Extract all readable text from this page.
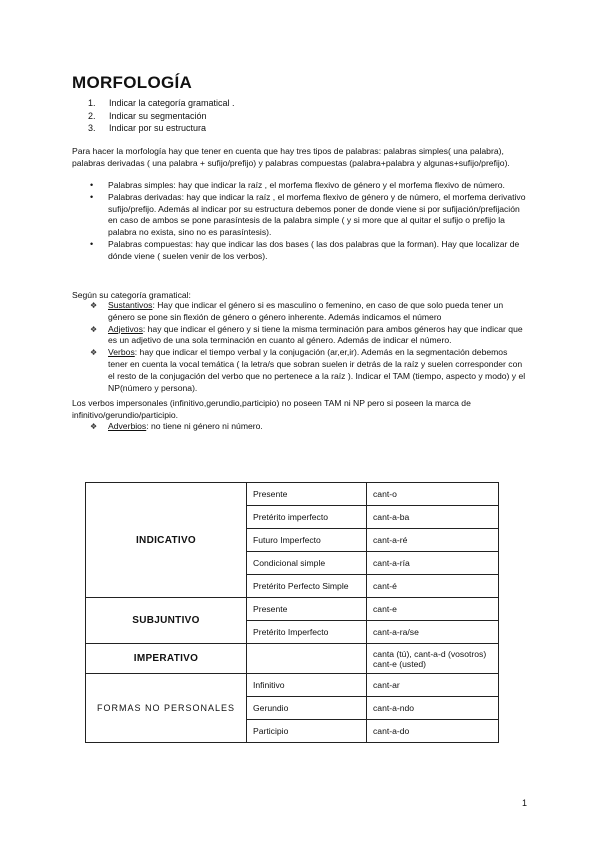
MORFOLOGÍA
1.	Indicar la categoría gramatical .
2.	Indicar su segmentación
3.	Indicar por su estructura
Para hacer la morfología hay que tener en cuenta que hay tres tipos de palabras: palabras simples( una palabra), palabras derivadas ( una palabra + sufijo/prefijo) y palabras compuestas (palabra+palabra y algunas+sufijo/prefijo).
•	Palabras simples: hay que indicar la raíz , el morfema flexivo de género y el morfema flexivo de número.
•	Palabras derivadas: hay que indicar la raíz , el morfema flexivo de género y de número, el morfema derivativo sufijo/prefijo. Además al indicar por su estructura debemos poner de donde viene si por sufijación/prefijación en caso de ambos se pone parasíntesis de la palabra simple ( y si more que al quitar el sufijo o prefijo la palabra no exista, sino no es parasíntesis).
•	Palabras compuestas: hay que indicar las dos bases ( las dos palabras que la forman). Hay que localizar de dónde viene ( suelen venir de los verbos).
Según su categoría gramatical:
❖	Sustantivos: Hay que indicar el género si es masculino o femenino, en caso de que solo pueda tener un género se pone sin flexión de género o género inherente. Además indicamos el número
❖	Adjetivos: hay que indicar el género y si tiene la misma terminación para ambos géneros hay que indicar que es un adjetivo de una sola terminación en cuanto al género. Además de indicar el número.
❖	Verbos: hay que indicar el tiempo verbal y la conjugación (ar,er,ir). Además en la segmentación debemos tener en cuenta la vocal temática ( la letra/s que sobran suelen ir detrás de la raíz y suelen corresponder con el resto de la conjugación del verbo que no pertenece a la raíz ). Indicar el TAM (tiempo, aspecto y modo) y el NP(número y persona).
Los verbos impersonales (infinitivo,gerundio,participio) no poseen TAM ni NP pero si poseen la marca de infinitivo/gerundio/participio.
❖	Adverbios: no tiene ni género ni número.
INDICATIVO	Presente	cant-o
	Pretérito imperfecto	cant-a-ba
	Futuro Imperfecto	cant-a-ré
	Condicional simple	cant-a-ría
	Pretérito Perfecto Simple	cant-é
SUBJUNTIVO	Presente	cant-e
	Pretérito Imperfecto	cant-a-ra/se
IMPERATIVO		canta (tú), cant-a-d (vosotros)
cant-e (usted)
FORMAS NO PERSONALES	Infinitivo	cant-ar
	Gerundio	cant-a-ndo
	Participio	cant-a-do
1
